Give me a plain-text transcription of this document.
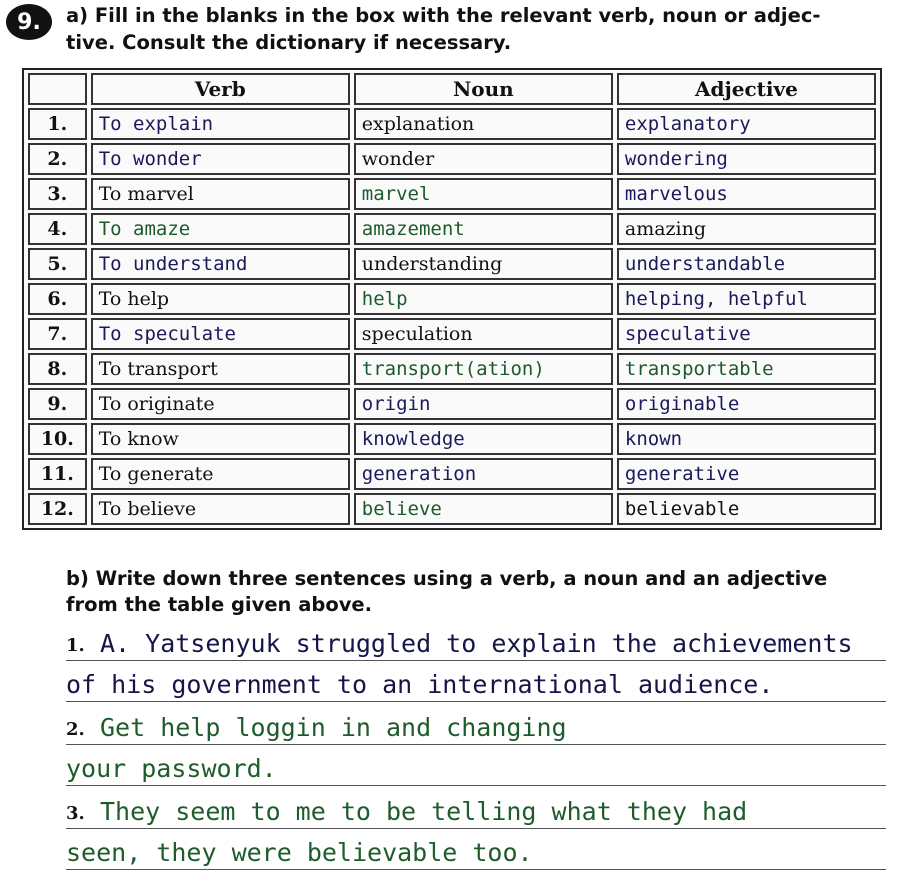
9.	a) Fill in the blanks in the box with the relevant verb, noun or adjec-
tive. Consult the dictionary if necessary.
	Verb	Noun	Adjective
1.	To explain	explanation	explanatory
2.	To wonder	wonder	wondering
3.	To marvel	marvel	marvelous
4.	To amaze	amazement	amazing
5.	To understand	understanding	understandable
6.	To help	help	helping, helpful
7.	To speculate	speculation	speculative
8.	To transport	transport(ation)	transportable
9.	To originate	origin	originable
10.	To know	knowledge	known
11.	To generate	generation	generative
12.	To believe	believe	believable
b) Write down three sentences using a verb, a noun and an adjective
from the table given above.
1. A. Yatsenyuk struggled to explain the achievements
of his government to an international audience.
2. Get help loggin in and changing
your password.
3. They seem to me to be telling what they had
seen, they were believable too.
